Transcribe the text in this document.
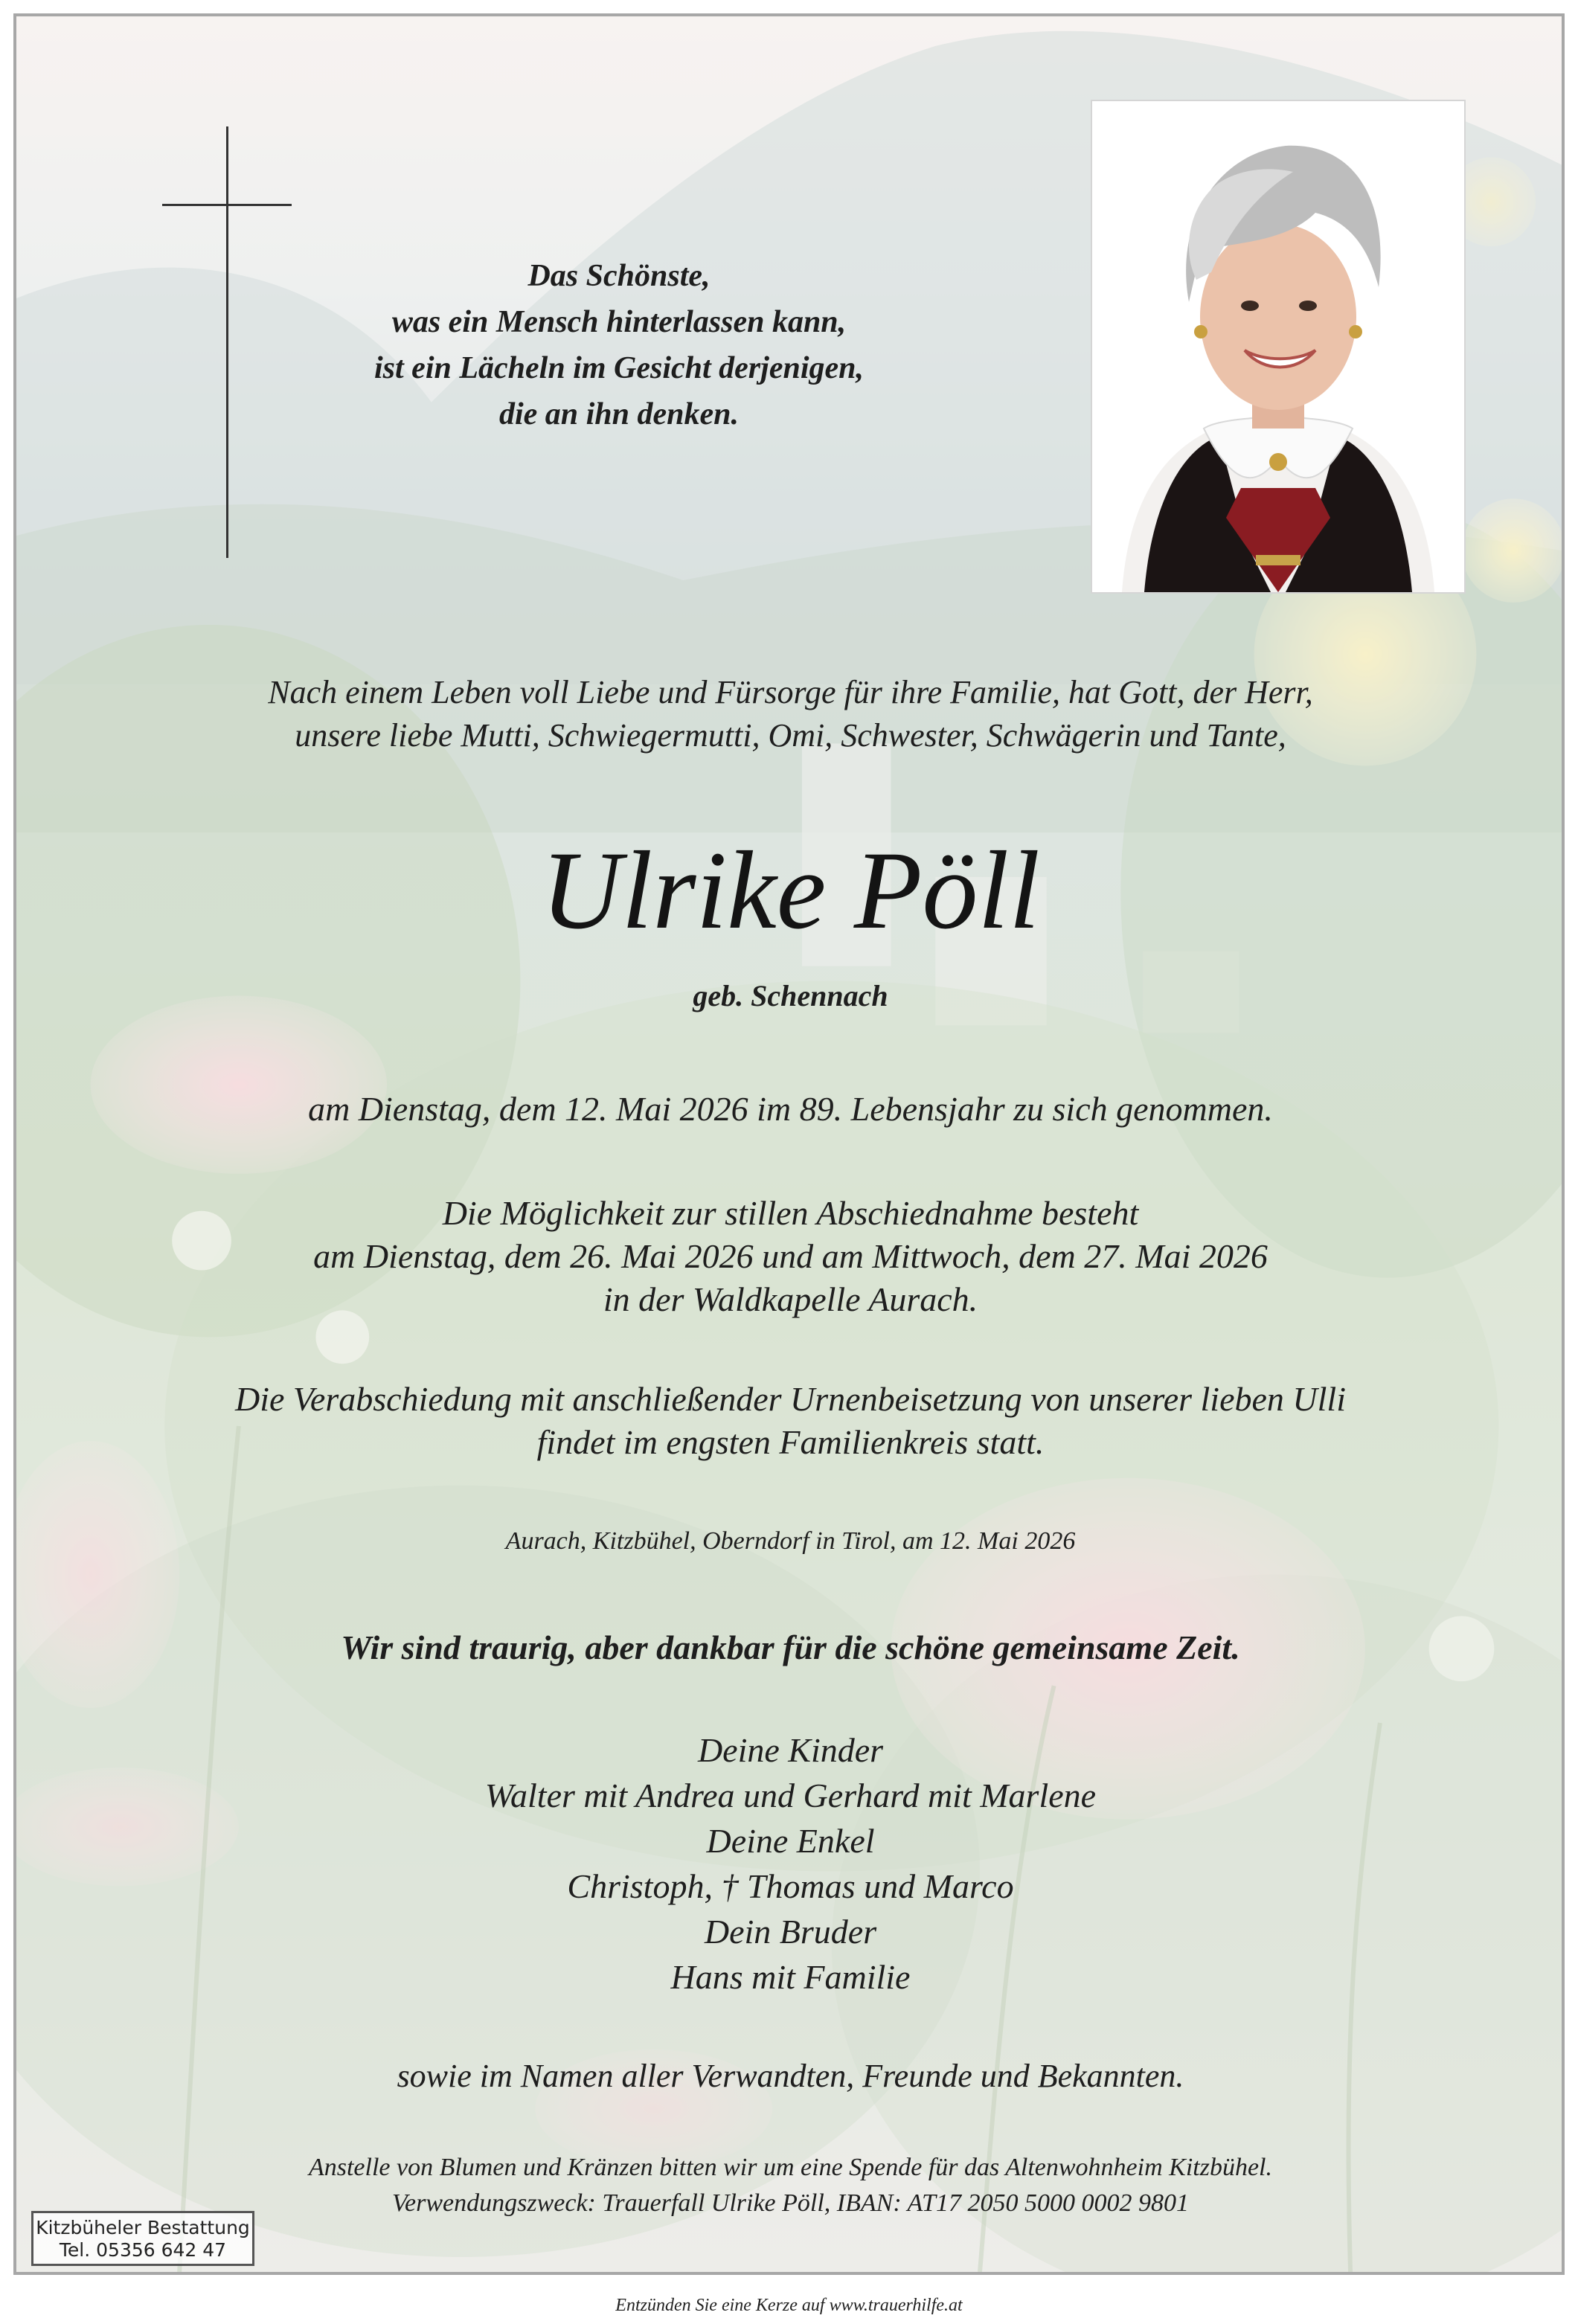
Das Schönste,
was ein Mensch hinterlassen kann,
ist ein Lächeln im Gesicht derjenigen,
die an ihn denken.
Nach einem Leben voll Liebe und Fürsorge für ihre Familie, hat Gott, der Herr,
unsere liebe Mutti, Schwiegermutti, Omi, Schwester, Schwägerin und Tante,
Ulrike Pöll
geb. Schennach
am Dienstag, dem 12. Mai 2026 im 89. Lebensjahr zu sich genommen.
Die Möglichkeit zur stillen Abschiednahme besteht
am Dienstag, dem 26. Mai 2026 und am Mittwoch, dem 27. Mai 2026
in der Waldkapelle Aurach.
Die Verabschiedung mit anschließender Urnenbeisetzung von unserer lieben Ulli
findet im engsten Familienkreis statt.
Aurach, Kitzbühel, Oberndorf in Tirol, am 12. Mai 2026
Wir sind traurig, aber dankbar für die schöne gemeinsame Zeit.
Deine Kinder
Walter mit Andrea und Gerhard mit Marlene
Deine Enkel
Christoph, † Thomas und Marco
Dein Bruder
Hans mit Familie
sowie im Namen aller Verwandten, Freunde und Bekannten.
Anstelle von Blumen und Kränzen bitten wir um eine Spende für das Altenwohnheim Kitzbühel.
Verwendungszweck: Trauerfall Ulrike Pöll, IBAN: AT17 2050 5000 0002 9801
Kitzbüheler Bestattung
Tel. 05356 642 47
Entzünden Sie eine Kerze auf www.trauerhilfe.at
